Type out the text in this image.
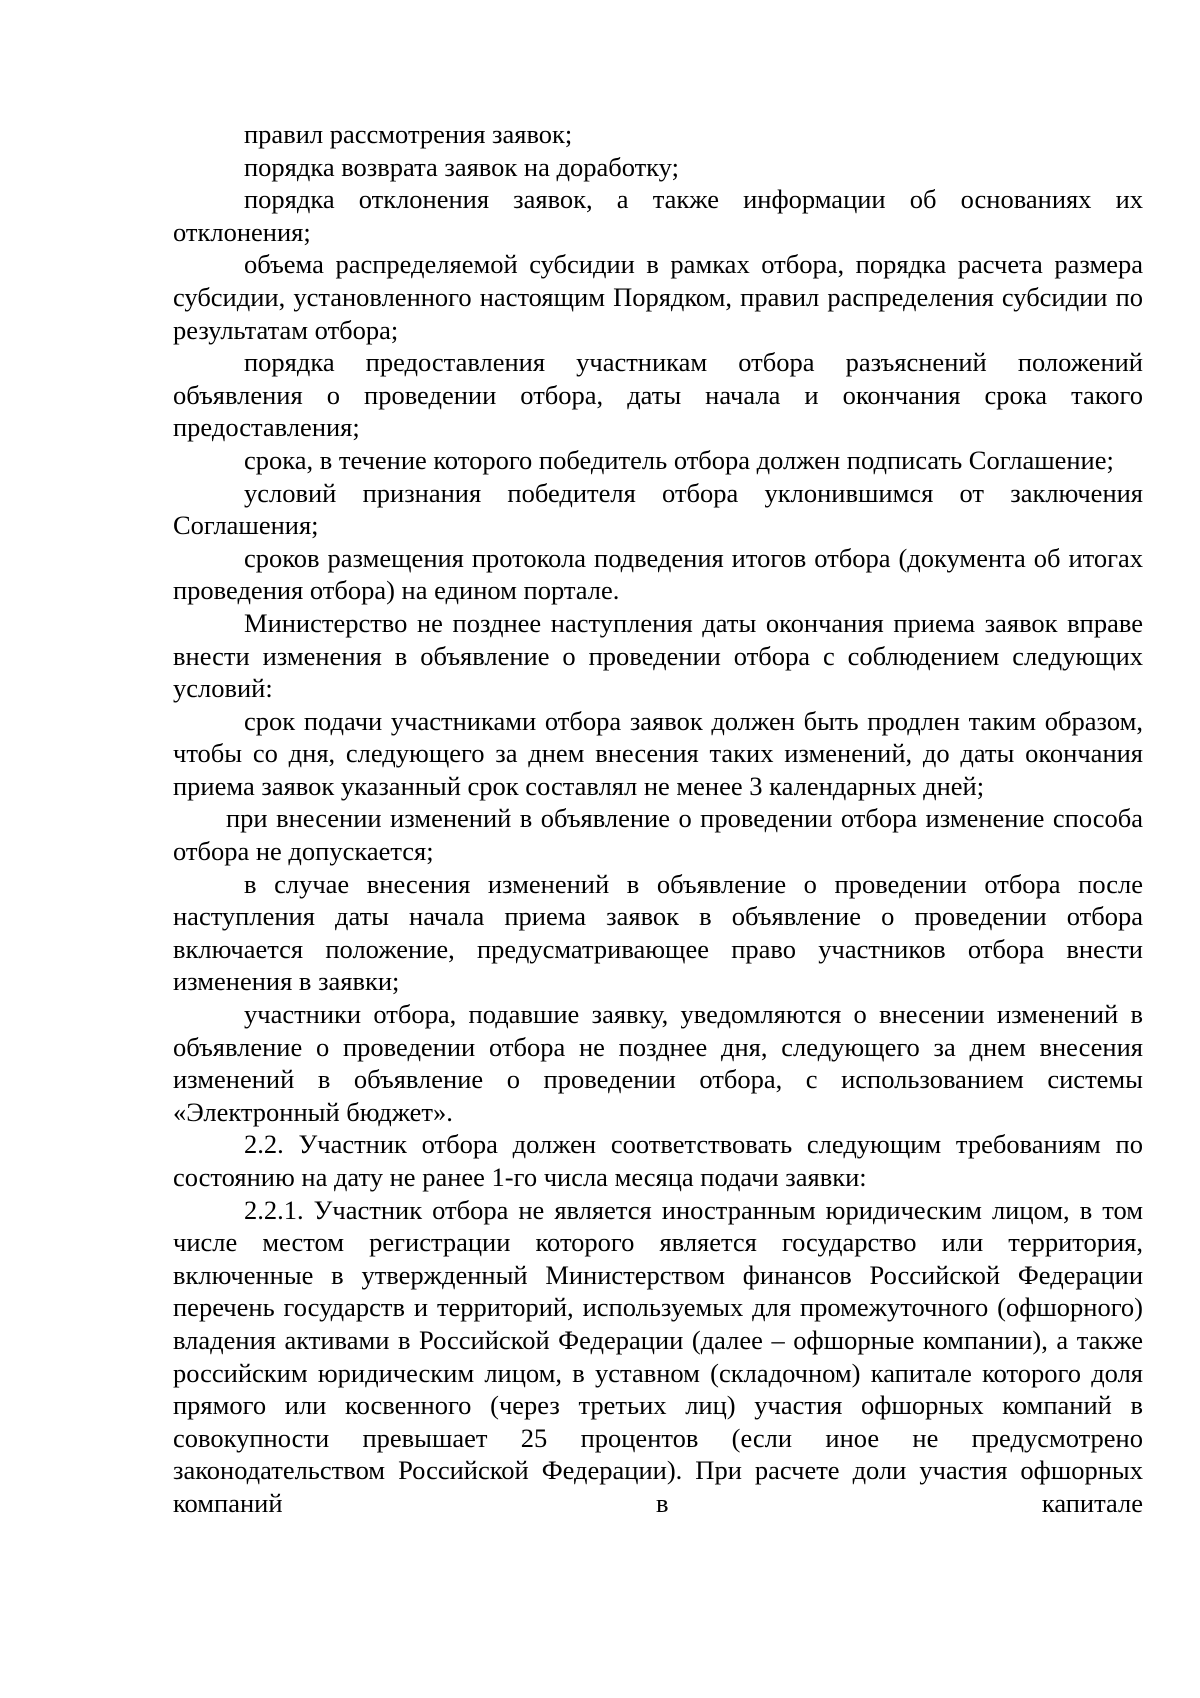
правил рассмотрения заявок;

порядка возврата заявок на доработку;

порядка отклонения заявок, а также информации об основаниях их отклонения;

объема распределяемой субсидии в рамках отбора, порядка расчета размера субсидии, установленного настоящим Порядком, правил распределения субсидии по результатам отбора;

порядка предоставления участникам отбора разъяснений положений объявления о проведении отбора, даты начала и окончания срока такого предоставления;

срока, в течение которого победитель отбора должен подписать Соглашение;

условий признания победителя отбора уклонившимся от заключения Соглашения;

сроков размещения протокола подведения итогов отбора (документа об итогах проведения отбора) на едином портале.

Министерство не позднее наступления даты окончания приема заявок вправе внести изменения в объявление о проведении отбора с соблюдением следующих условий:

срок подачи участниками отбора заявок должен быть продлен таким образом, чтобы со дня, следующего за днем внесения таких изменений, до даты окончания приема заявок указанный срок составлял не менее 3 календарных дней;

при внесении изменений в объявление о проведении отбора изменение способа отбора не допускается;

в случае внесения изменений в объявление о проведении отбора после наступления даты начала приема заявок в объявление о проведении отбора включается положение, предусматривающее право участников отбора внести изменения в заявки;

участники отбора, подавшие заявку, уведомляются о внесении изменений в объявление о проведении отбора не позднее дня, следующего за днем внесения изменений в объявление о проведении отбора, с использованием системы «Электронный бюджет».

2.2. Участник отбора должен соответствовать следующим требованиям по состоянию на дату не ранее 1-го числа месяца подачи заявки:

2.2.1. Участник отбора не является иностранным юридическим лицом, в том числе местом регистрации которого является государство или территория, включенные в утвержденный Министерством финансов Российской Федерации перечень государств и территорий, используемых для промежуточного (офшорного) владения активами в Российской Федерации (далее – офшорные компании), а также российским юридическим лицом, в уставном (складочном) капитале которого доля прямого или косвенного (через третьих лиц) участия офшорных компаний в совокупности превышает 25 процентов (если иное не предусмотрено законодательством Российской Федерации). При расчете доли участия офшорных компаний в капитале
